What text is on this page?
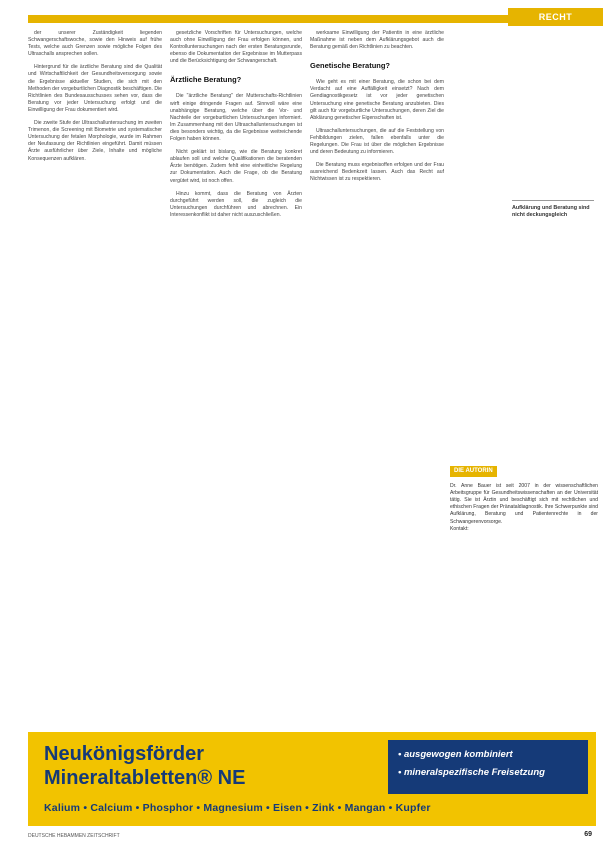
RECHT

der unserer Zuständigkeit liegenden Schwangerschaftswoche, sowie den Hinweis auf frühe Tests, welche auch Grenzen sowie mögliche Folgen des Ultraschalls ansprechen sollen.

Hintergrund für die ärztliche Beratung sind die Qualität und Wirtschaftlichkeit der Gesundheitsversorgung sowie die Ergebnisse aktueller Studien, die sich mit den Methoden der vorgeburtlichen Diagnostik beschäftigen. Die Richtlinien des Bundesausschusses sehen vor, dass die Beratung vor jeder Untersuchung erfolgt und die Einwilligung der Frau dokumentiert wird.

Die zweite Stufe der Ultraschalluntersuchung im zweiten Trimenon, die Screening mit Biometrie und systematischer Untersuchung der fetalen Morphologie, wurde im Rahmen der Neufassung der Richtlinien eingeführt. Damit müssen Ärzte ausführlicher über Ziele, Inhalte und mögliche Konsequenzen aufklären.

gesetzliche Vorschriften für Untersuchungen, welche auch ohne Einwilligung der Frau erfolgen können, und Kontrolluntersuchungen nach der ersten Beratungsrunde, ebenso die Dokumentation der Ergebnisse im Mutterpass und die Berücksichtigung der Schwangerschaft.

Ärztliche Beratung?

Die "ärztliche Beratung" der Mutterschafts-Richtlinien wirft einige dringende Fragen auf. Sinnvoll wäre eine unabhängige Beratung, welche über die Vor- und Nachteile der vorgeburtlichen Untersuchungen informiert. Im Zusammenhang mit den Ultraschalluntersuchungen ist dies besonders wichtig, da die Ergebnisse weitreichende Folgen haben können.

Nicht geklärt ist bislang, wie die Beratung konkret ablaufen soll und welche Qualifikationen die beratenden Ärzte benötigen. Zudem fehlt eine einheitliche Regelung zur Dokumentation. Auch die Frage, ob die Beratung vergütet wird, ist noch offen.

Hinzu kommt, dass die Beratung von Ärzten durchgeführt werden soll, die zugleich die Untersuchungen durchführen und abrechnen. Ein Interessenkonflikt ist daher nicht auszuschließen.

werksame Einwilligung der Patientin in eine ärztliche Maßnahme ist neben dem Aufklärungsgebot auch die Beratung gemäß den Richtlinien zu beachten.

Genetische Beratung?

Wie geht es mit einer Beratung, die schon bei dem Verdacht auf eine Auffälligkeit einsetzt? Nach dem Gendiagnostikgesetz ist vor jeder genetischen Untersuchung eine genetische Beratung anzubieten. Dies gilt auch für vorgeburtliche Untersuchungen, deren Ziel die Abklärung genetischer Eigenschaften ist.

Ultraschalluntersuchungen, die auf die Feststellung von Fehlbildungen zielen, fallen ebenfalls unter die Regelungen. Die Frau ist über die möglichen Ergebnisse und deren Bedeutung zu informieren.

Die Beratung muss ergebnisoffen erfolgen und der Frau ausreichend Bedenkzeit lassen. Auch das Recht auf Nichtwissen ist zu respektieren.

Aufklärung und Beratung sind nicht deckungsgleich
DIE AUTORIN

Dr. Anne Bauer ist seit 2007 in der wissenschaftlichen Arbeitsgruppe für Gesundheitswissenschaften an der Universität tätig. Sie ist Ärztin und beschäftigt sich mit rechtlichen und ethischen Fragen der Pränataldiagnostik. Ihre Schwerpunkte sind Aufklärung, Beratung und Patientenrechte in der Schwangerenvorsorge.

Kontakt:

Neukönigsförder
Mineraltabletten® NE
• ausgewogen kombiniert
• mineralspezifische Freisetzung
Kalium • Calcium • Phosphor • Magnesium • Eisen • Zink • Mangan • Kupfer
DEUTSCHE HEBAMMEN ZEITSCHRIFT	69
